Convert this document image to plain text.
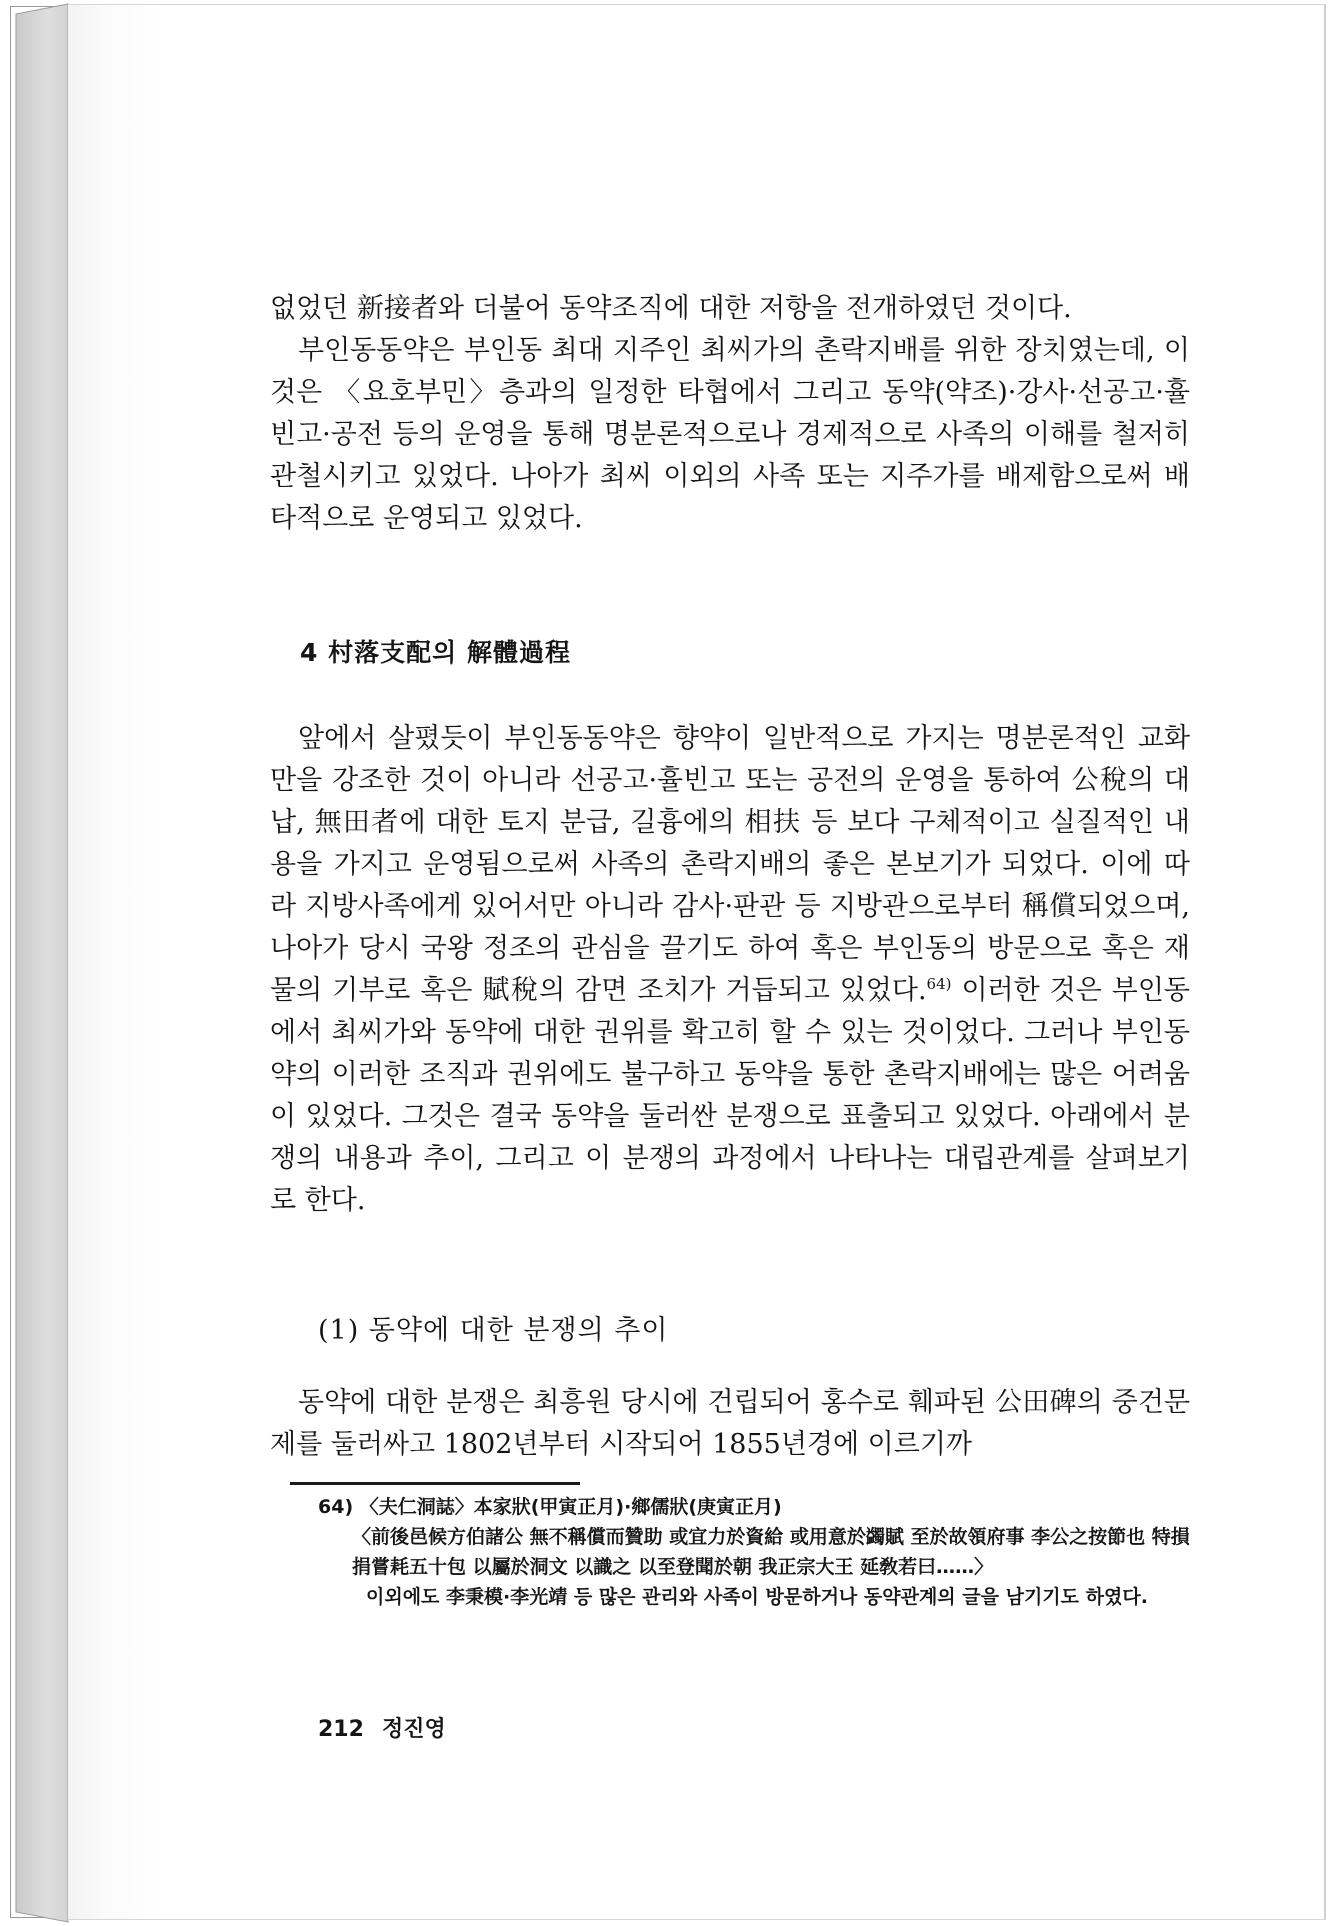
없었던 新接者와 더불어 동약조직에 대한 저항을 전개하였던 것이다.

부인동동약은 부인동 최대 지주인 최씨가의 촌락지배를 위한 장치였는데, 이것은 〈요호부민〉층과의 일정한 타협에서 그리고 동약(약조)·강사·선공고·휼빈고·공전 등의 운영을 통해 명분론적으로나 경제적으로 사족의 이해를 철저히 관철시키고 있었다. 나아가 최씨 이외의 사족 또는 지주가를 배제함으로써 배타적으로 운영되고 있었다.

4 村落支配의 解體過程

앞에서 살폈듯이 부인동동약은 향약이 일반적으로 가지는 명분론적인 교화만을 강조한 것이 아니라 선공고·휼빈고 또는 공전의 운영을 통하여 公稅의 대납, 無田者에 대한 토지 분급, 길흉에의 相扶 등 보다 구체적이고 실질적인 내용을 가지고 운영됨으로써 사족의 촌락지배의 좋은 본보기가 되었다. 이에 따라 지방사족에게 있어서만 아니라 감사·판관 등 지방관으로부터 稱償되었으며, 나아가 당시 국왕 정조의 관심을 끌기도 하여 혹은 부인동의 방문으로 혹은 재물의 기부로 혹은 賦稅의 감면 조치가 거듭되고 있었다.$^{64)}$ 이러한 것은 부인동에서 최씨가와 동약에 대한 권위를 확고히 할 수 있는 것이었다. 그러나 부인동약의 이러한 조직과 권위에도 불구하고 동약을 통한 촌락지배에는 많은 어려움이 있었다. 그것은 결국 동약을 둘러싼 분쟁으로 표출되고 있었다. 아래에서 분쟁의 내용과 추이, 그리고 이 분쟁의 과정에서 나타나는 대립관계를 살펴보기로 한다.

(1) 동약에 대한 분쟁의 추이

동약에 대한 분쟁은 최흥원 당시에 건립되어 홍수로 훼파된 公田碑의 중건문제를 둘러싸고 1802년부터 시작되어 1855년경에 이르기까

64) 〈夫仁洞誌〉本家狀(甲寅正月)·鄉儒狀(庚寅正月)

〈前後邑候方伯諸公 無不稱償而贊助 或宜力於資給 或用意於蠲賦 至於故領府事 李公之按節也 特損捐嘗耗五十包 以屬於洞文 以識之 以至登聞於朝 我正宗大王 延敎若曰……〉

이외에도 李秉模·李光靖 등 많은 관리와 사족이 방문하거나 동약관계의 글을 남기기도 하였다.

212 정진영
